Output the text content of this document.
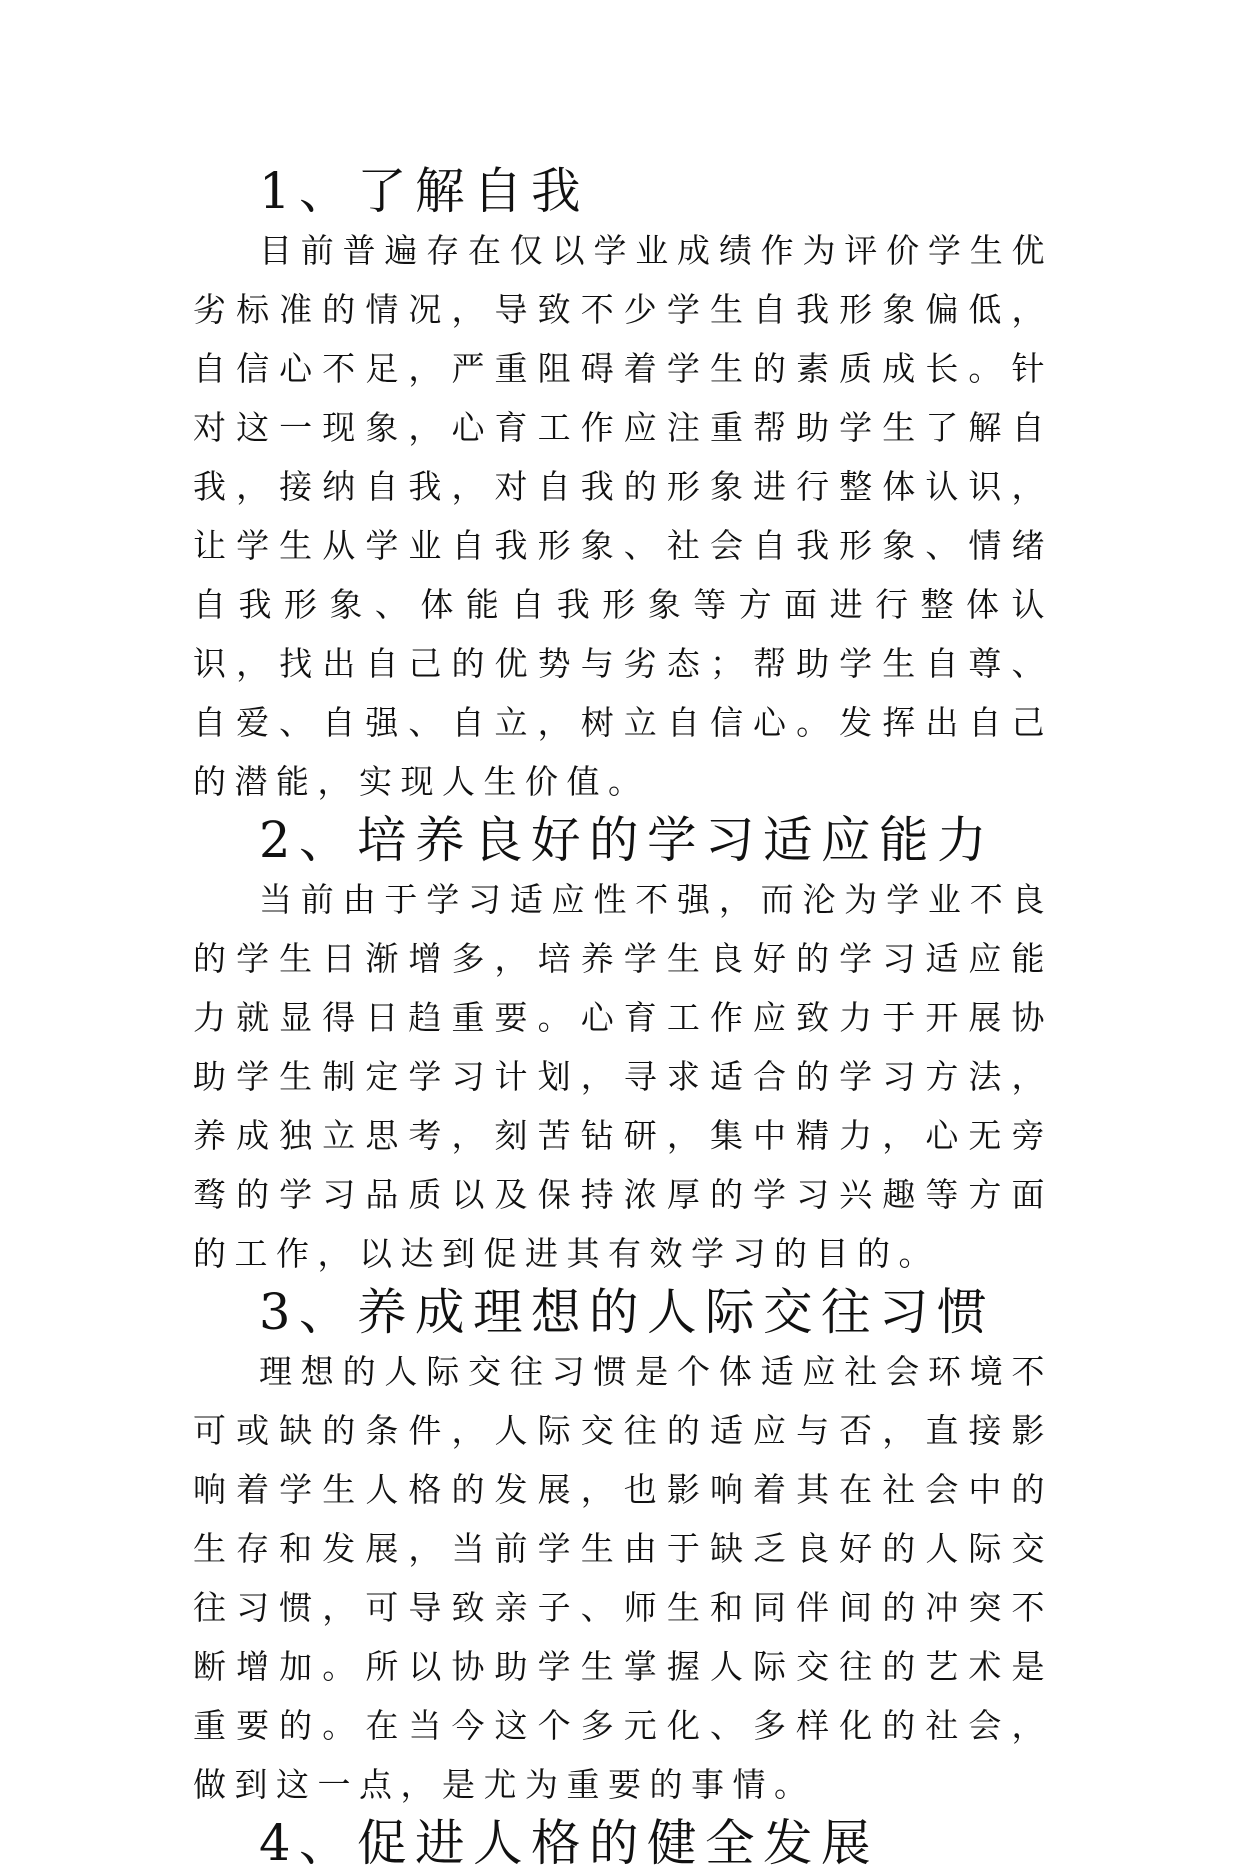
1、了解自我

目前普遍存在仅以学业成绩作为评价学生优劣标准的情况，导致不少学生自我形象偏低，自信心不足，严重阻碍着学生的素质成长。针对这一现象，心育工作应注重帮助学生了解自我，接纳自我，对自我的形象进行整体认识，让学生从学业自我形象、社会自我形象、情绪自我形象、体能自我形象等方面进行整体认识，找出自己的优势与劣态；帮助学生自尊、自爱、自强、自立，树立自信心。发挥出自己的潜能，实现人生价值。

2、培养良好的学习适应能力

当前由于学习适应性不强，而沦为学业不良的学生日渐增多，培养学生良好的学习适应能力就显得日趋重要。心育工作应致力于开展协助学生制定学习计划，寻求适合的学习方法，养成独立思考，刻苦钻研，集中精力，心无旁骛的学习品质以及保持浓厚的学习兴趣等方面的工作，以达到促进其有效学习的目的。

3、养成理想的人际交往习惯

理想的人际交往习惯是个体适应社会环境不可或缺的条件，人际交往的适应与否，直接影响着学生人格的发展，也影响着其在社会中的生存和发展，当前学生由于缺乏良好的人际交往习惯，可导致亲子、师生和同伴间的冲突不断增加。所以协助学生掌握人际交往的艺术是重要的。在当今这个多元化、多样化的社会，做到这一点，是尤为重要的事情。

4、促进人格的健全发展
